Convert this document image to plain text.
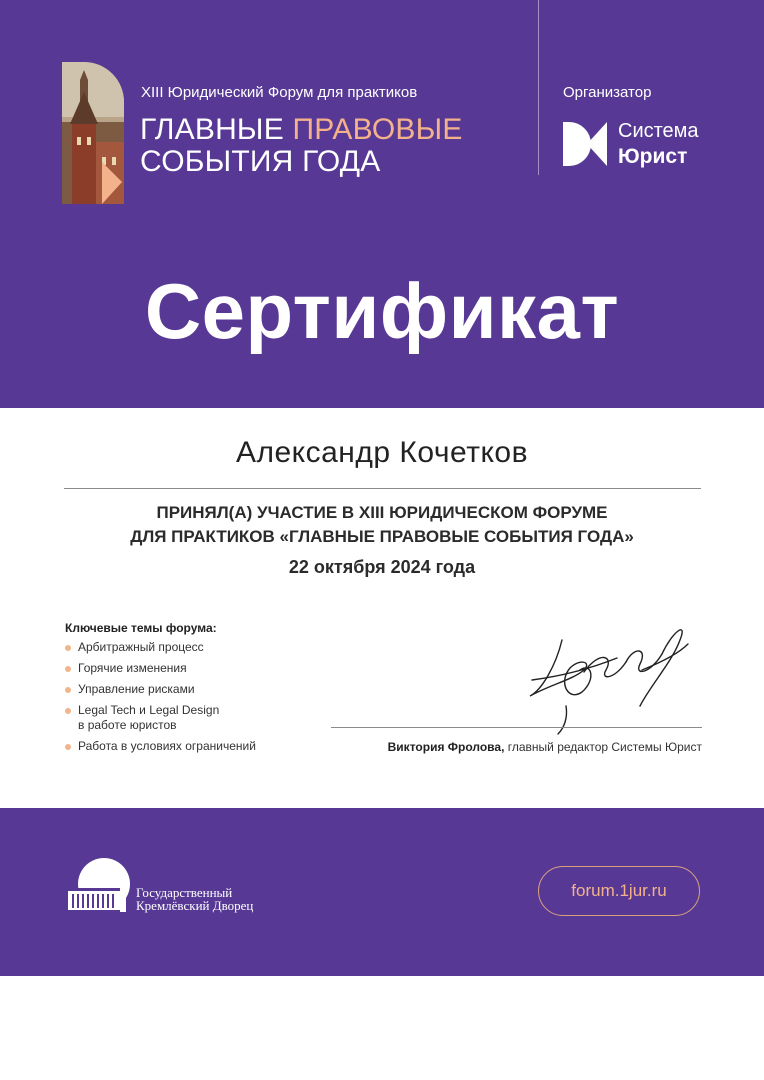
XIII Юридический Форум для практиков
ГЛАВНЫЕ ПРАВОВЫЕ
СОБЫТИЯ ГОДА
Организатор
Система
Юрист
Сертификат
Александр Кочетков
ПРИНЯЛ(А) УЧАСТИЕ В XIII ЮРИДИЧЕСКОМ ФОРУМЕ
ДЛЯ ПРАКТИКОВ «ГЛАВНЫЕ ПРАВОВЫЕ СОБЫТИЯ ГОДА»
22 октября 2024 года
Ключевые темы форума:
Арбитражный процесс
Горячие изменения
Управление рисками
Legal Tech и Legal Design
в работе юристов
Работа в условиях ограничений	Виктория Фролова, главный редактор Системы Юрист
Государственный
Кремлёвский Дворец
forum.1jur.ru
